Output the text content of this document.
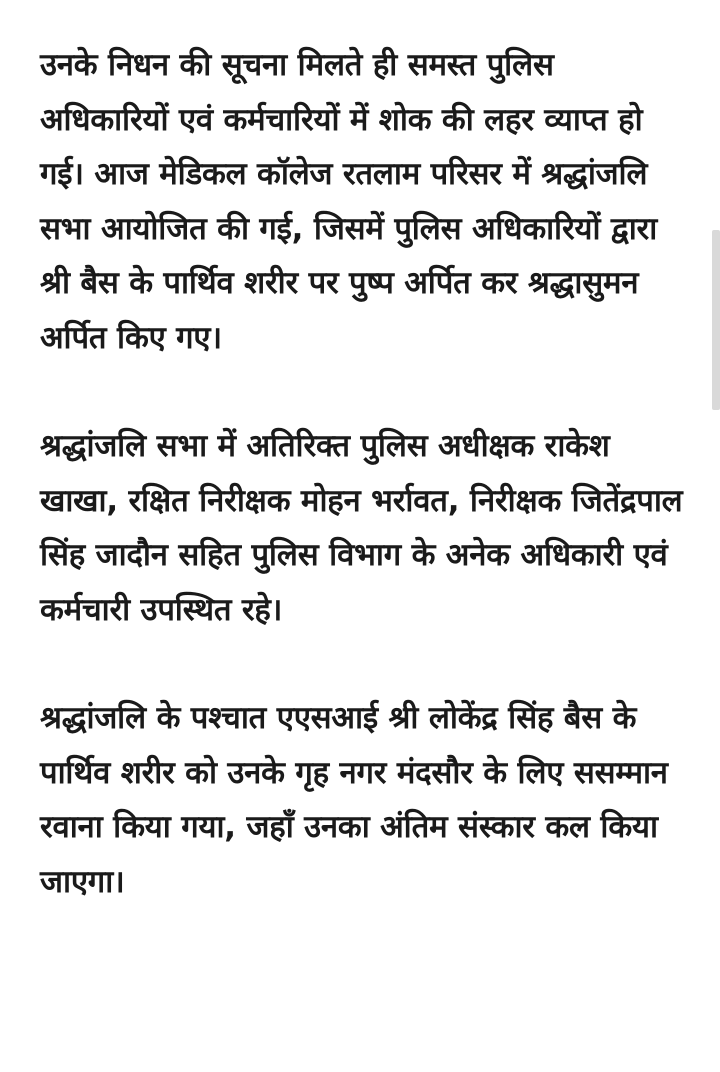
उनके निधन की सूचना मिलते ही समस्त पुलिस अधिकारियों एवं कर्मचारियों में शोक की लहर व्याप्त हो गई। आज मेडिकल कॉलेज रतलाम परिसर में श्रद्धांजलि सभा आयोजित की गई, जिसमें पुलिस अधिकारियों द्वारा श्री बैस के पार्थिव शरीर पर पुष्प अर्पित कर श्रद्धासुमन अर्पित किए गए।

श्रद्धांजलि सभा में अतिरिक्त पुलिस अधीक्षक राकेश खाखा, रक्षित निरीक्षक मोहन भर्रावत, निरीक्षक जितेंद्रपाल सिंह जादौन सहित पुलिस विभाग के अनेक अधिकारी एवं कर्मचारी उपस्थित रहे।

श्रद्धांजलि के पश्चात एएसआई श्री लोकेंद्र सिंह बैस के पार्थिव शरीर को उनके गृह नगर मंदसौर के लिए ससम्मान रवाना किया गया, जहाँ उनका अंतिम संस्कार कल किया जाएगा।
